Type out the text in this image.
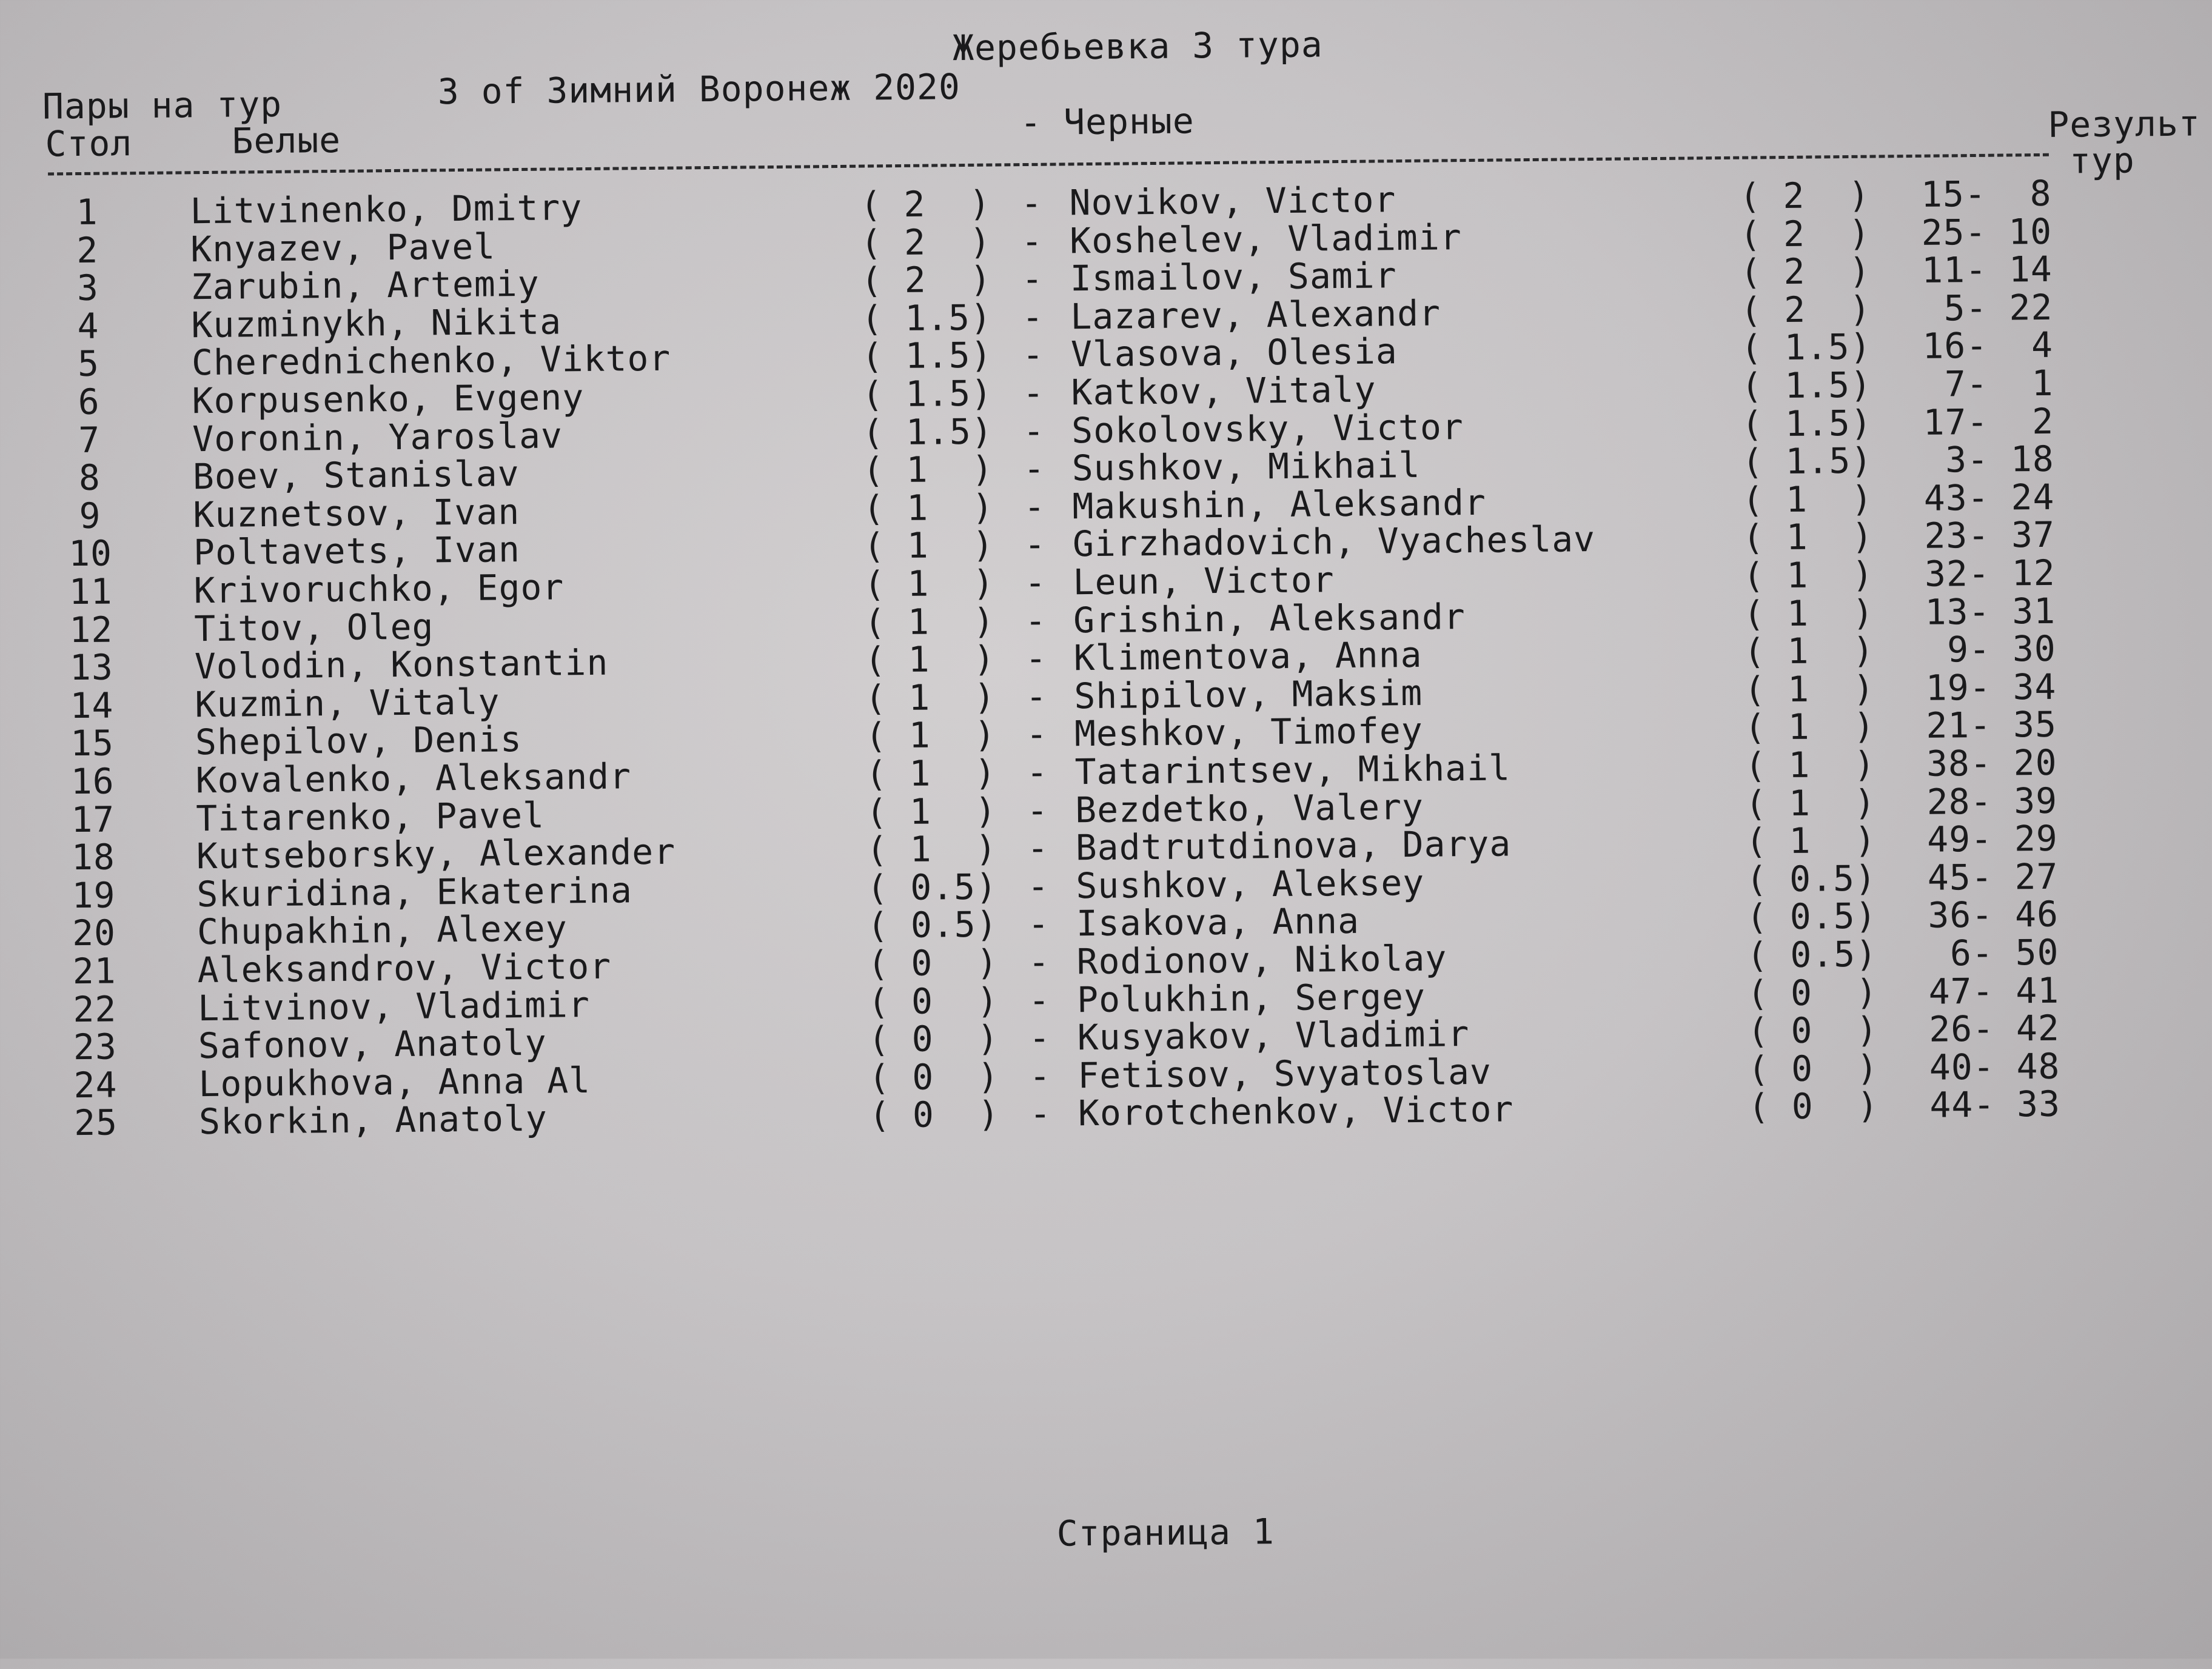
Жеребьевка 3 тура
Пары на тур	3 of Зимний Воронеж 2020
Стол	Белые	- Черные	Результ
тур
1	Litvinenko, Dmitry	( 2  ) - Novikov, Victor	( 2  )	15-  8
2	Knyazev, Pavel	( 2  ) - Koshelev, Vladimir	( 2  )	25- 10
3	Zarubin, Artemiy	( 2  ) - Ismailov, Samir	( 2  )	11- 14
4	Kuzminykh, Nikita	( 1.5) - Lazarev, Alexandr	( 2  )	5- 22
5	Cherednichenko, Viktor	( 1.5) - Vlasova, Olesia	( 1.5)	16-  4
6	Korpusenko, Evgeny	( 1.5) - Katkov, Vitaly	( 1.5)	7-  1
7	Voronin, Yaroslav	( 1.5) - Sokolovsky, Victor	( 1.5)	17-  2
8	Boev, Stanislav	( 1  ) - Sushkov, Mikhail	( 1.5)	3- 18
9	Kuznetsov, Ivan	( 1  ) - Makushin, Aleksandr	( 1  )	43- 24
10	Poltavets, Ivan	( 1  ) - Girzhadovich, Vyacheslav	( 1  )	23- 37
11	Krivoruchko, Egor	( 1  ) - Leun, Victor	( 1  )	32- 12
12	Titov, Oleg	( 1  ) - Grishin, Aleksandr	( 1  )	13- 31
13	Volodin, Konstantin	( 1  ) - Klimentova, Anna	( 1  )	9- 30
14	Kuzmin, Vitaly	( 1  ) - Shipilov, Maksim	( 1  )	19- 34
15	Shepilov, Denis	( 1  ) - Meshkov, Timofey	( 1  )	21- 35
16	Kovalenko, Aleksandr	( 1  ) - Tatarintsev, Mikhail	( 1  )	38- 20
17	Titarenko, Pavel	( 1  ) - Bezdetko, Valery	( 1  )	28- 39
18	Kutseborsky, Alexander	( 1  ) - Badtrutdinova, Darya	( 1  )	49- 29
19	Skuridina, Ekaterina	( 0.5) - Sushkov, Aleksey	( 0.5)	45- 27
20	Chupakhin, Alexey	( 0.5) - Isakova, Anna	( 0.5)	36- 46
21	Aleksandrov, Victor	( 0  ) - Rodionov, Nikolay	( 0.5)	6- 50
22	Litvinov, Vladimir	( 0  ) - Polukhin, Sergey	( 0  )	47- 41
23	Safonov, Anatoly	( 0  ) - Kusyakov, Vladimir	( 0  )	26- 42
24	Lopukhova, Anna Al	( 0  ) - Fetisov, Svyatoslav	( 0  )	40- 48
25	Skorkin, Anatoly	( 0  ) - Korotchenkov, Victor	( 0  )	44- 33
Страница 1
